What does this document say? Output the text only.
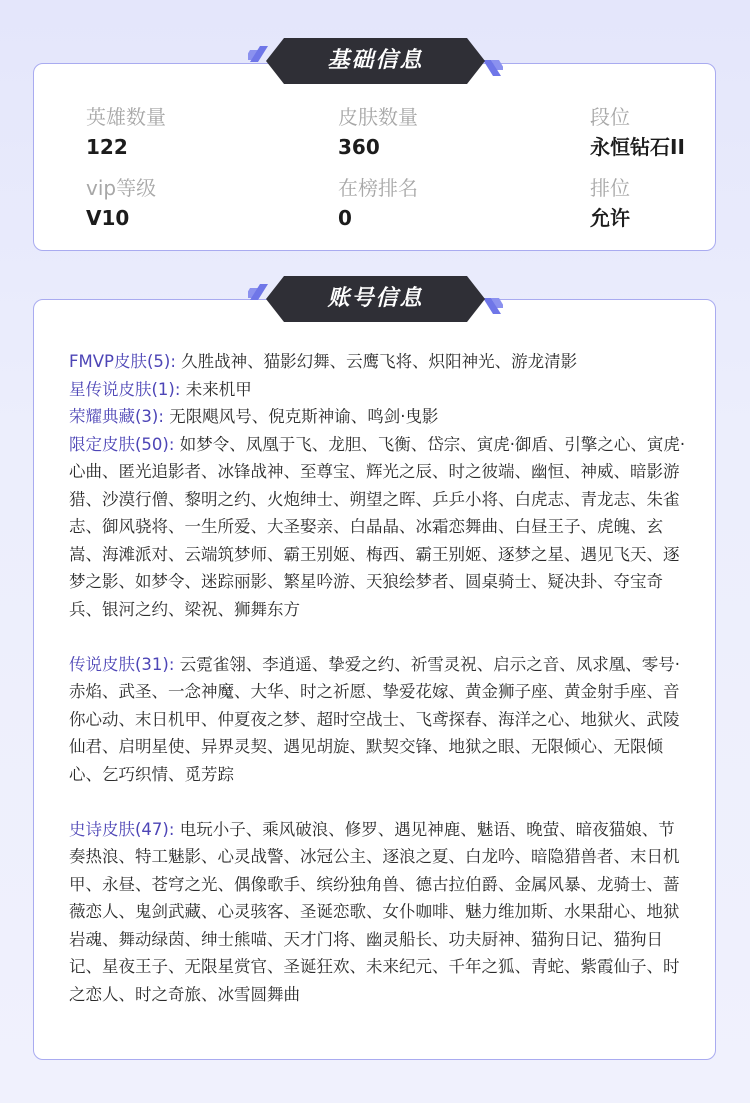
英雄数量
122
皮肤数量
360
段位
永恒钻石II
vip等级
V10
在榜排名
0
排位
允许

FMVP皮肤(5): 久胜战神、猫影幻舞、云鹰飞将、炽阳神光、游龙清影

星传说皮肤(1): 未来机甲

荣耀典藏(3): 无限飓风号、倪克斯神谕、鸣剑·曳影

限定皮肤(50): 如梦令、凤凰于飞、龙胆、飞衡、岱宗、寅虎·御盾、引擎之心、寅虎·心曲、匿光追影者、冰锋战神、至尊宝、辉光之辰、时之彼端、幽恒、神威、暗影游猎、沙漠行僧、黎明之约、火炮绅士、朔望之晖、乒乒小将、白虎志、青龙志、朱雀志、御风骁将、一生所爱、大圣娶亲、白晶晶、冰霜恋舞曲、白昼王子、虎魄、玄嵩、海滩派对、云端筑梦师、霸王别姬、梅西、霸王别姬、逐梦之星、遇见飞天、逐梦之影、如梦令、迷踪丽影、繁星吟游、天狼绘梦者、圆桌骑士、疑决卦、夺宝奇兵、银河之约、梁祝、狮舞东方

传说皮肤(31): 云霓雀翎、李逍遥、挚爱之约、祈雪灵祝、启示之音、凤求凰、零号·赤焰、武圣、一念神魔、大华、时之祈愿、挚爱花嫁、黄金狮子座、黄金射手座、音你心动、末日机甲、仲夏夜之梦、超时空战士、飞鸢探春、海洋之心、地狱火、武陵仙君、启明星使、异界灵契、遇见胡旋、默契交锋、地狱之眼、无限倾心、无限倾心、乞巧织情、觅芳踪

史诗皮肤(47): 电玩小子、乘风破浪、修罗、遇见神鹿、魅语、晚萤、暗夜猫娘、节奏热浪、特工魅影、心灵战警、冰冠公主、逐浪之夏、白龙吟、暗隐猎兽者、末日机甲、永昼、苍穹之光、偶像歌手、缤纷独角兽、德古拉伯爵、金属风暴、龙骑士、蔷薇恋人、鬼剑武藏、心灵骇客、圣诞恋歌、女仆咖啡、魅力维加斯、水果甜心、地狱岩魂、舞动绿茵、绅士熊喵、天才门将、幽灵船长、功夫厨神、猫狗日记、猫狗日记、星夜王子、无限星赏官、圣诞狂欢、未来纪元、千年之狐、青蛇、紫霞仙子、时之恋人、时之奇旅、冰雪圆舞曲

基础信息
账号信息
